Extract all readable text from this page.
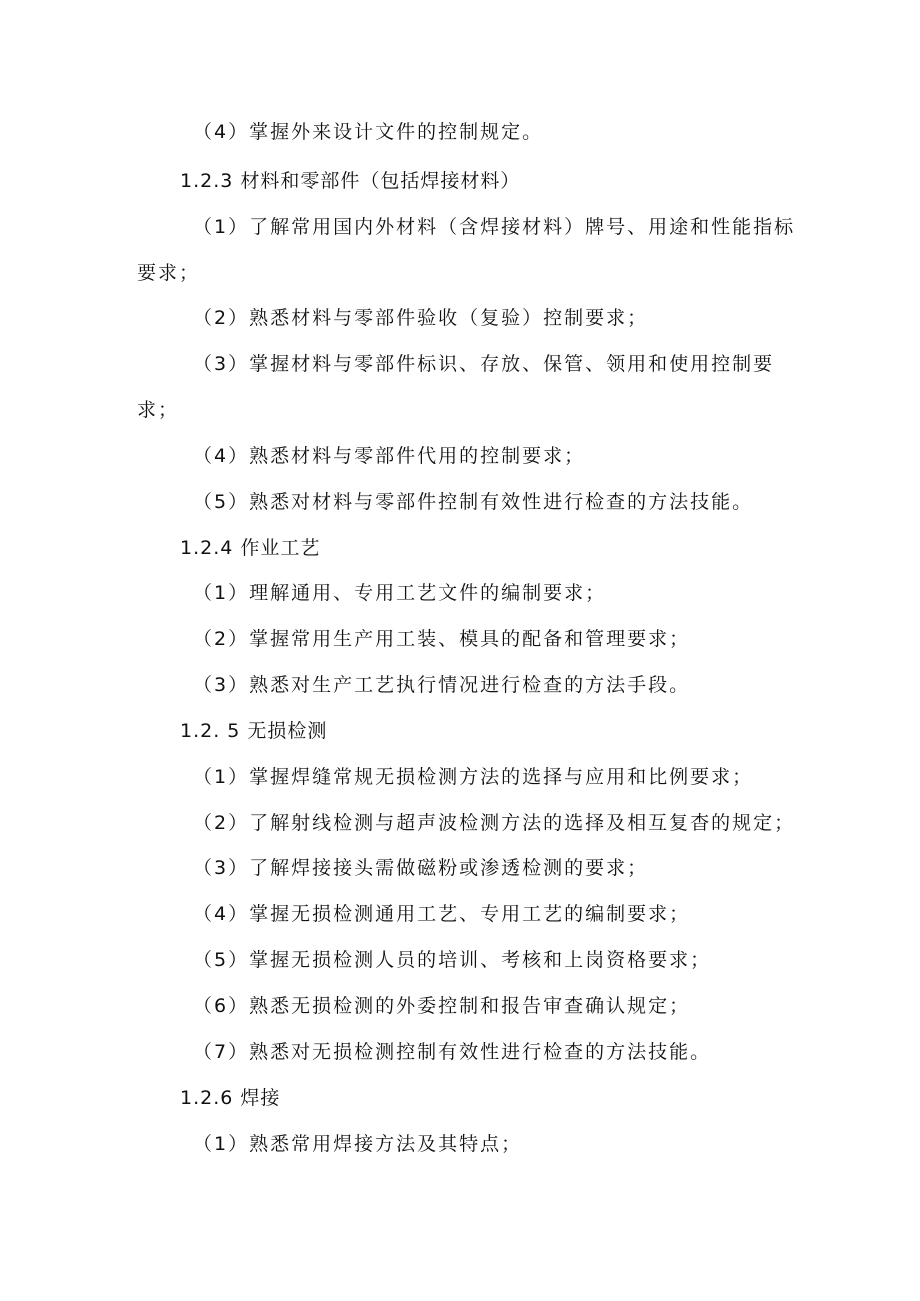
（4）掌握外来设计文件的控制规定。
1.2.3 材料和零部件（包括焊接材料）
（1）了解常用国内外材料（含焊接材料）牌号、用途和性能指标
要求；
（2）熟悉材料与零部件验收（复验）控制要求；
（3）掌握材料与零部件标识、存放、保管、领用和使用控制要
求；
（4）熟悉材料与零部件代用的控制要求；
（5）熟悉对材料与零部件控制有效性进行检查的方法技能。
1.2.4 作业工艺
（1）理解通用、专用工艺文件的编制要求；
（2）掌握常用生产用工装、模具的配备和管理要求；
（3）熟悉对生产工艺执行情况进行检查的方法手段。
1.2. 5 无损检测
（1）掌握焊缝常规无损检测方法的选择与应用和比例要求；
（2）了解射线检测与超声波检测方法的选择及相互复杳的规定；
（3）了解焊接接头需做磁粉或渗透检测的要求；
（4）掌握无损检测通用工艺、专用工艺的编制要求；
（5）掌握无损检测人员的培训、考核和上岗资格要求；
（6）熟悉无损检测的外委控制和报告审查确认规定；
（7）熟悉对无损检测控制有效性进行检查的方法技能。
1.2.6 焊接
（1）熟悉常用焊接方法及其特点；
